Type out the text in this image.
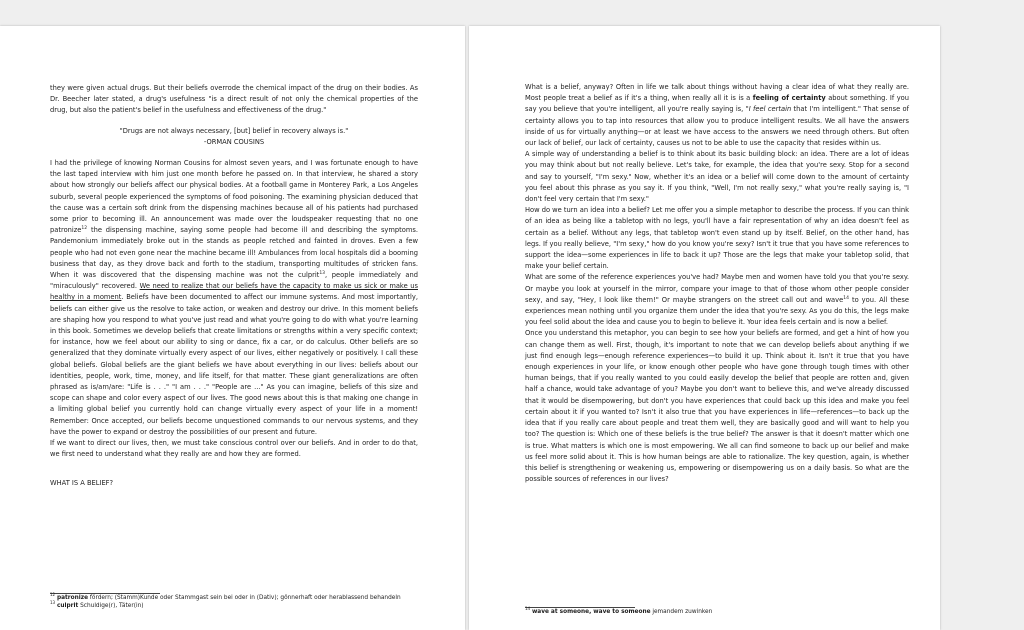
they were given actual drugs. But their beliefs overrode the chemical impact of the drug on their bodies. As Dr. Beecher later stated, a drug's usefulness "is a direct result of not only the chemical properties of the drug, but also the patient's belief in the usefulness and effectiveness of the drug."

"Drugs are not always necessary, [but] belief in recovery always is."
-ORMAN COUSINS

I had the privilege of knowing Norman Cousins for almost seven years, and I was fortunate enough to have the last taped interview with him just one month before he passed on. In that interview, he shared a story about how strongly our beliefs affect our physical bodies. At a football game in Monterey Park, a Los Angeles suburb, several people experienced the symptoms of food poisoning. The examining physician deduced that the cause was a certain soft drink from the dispensing machines because all of his patients had purchased some prior to becoming ill. An announcement was made over the loudspeaker requesting that no one patronize$^{12}$ the dispensing machine, saying some people had become ill and describing the symptoms. Pandemonium immediately broke out in the stands as people retched and fainted in droves. Even a few people who had not even gone near the machine became ill! Ambulances from local hospitals did a booming business that day, as they drove back and forth to the stadium, transporting multitudes of stricken fans. When it was discovered that the dispensing machine was not the culprit$^{13}$, people immediately and "miraculously" recovered. We need to realize that our beliefs have the capacity to make us sick or make us healthy in a moment. Beliefs have been documented to affect our immune systems. And most importantly, beliefs can either give us the resolve to take action, or weaken and destroy our drive. In this moment beliefs are shaping how you respond to what you've just read and what you're going to do with what you're learning in this book. Sometimes we develop beliefs that create limitations or strengths within a very specific context; for instance, how we feel about our ability to sing or dance, fix a car, or do calculus. Other beliefs are so generalized that they dominate virtually every aspect of our lives, either negatively or positively. I call these global beliefs. Global beliefs are the giant beliefs we have about everything in our lives: beliefs about our identities, people, work, time, money, and life itself, for that matter. These giant generalizations are often phrased as is/am/are: "Life is . . ." "I am . . ." "People are ..." As you can imagine, beliefs of this size and scope can shape and color every aspect of our lives. The good news about this is that making one change in a limiting global belief you currently hold can change virtually every aspect of your life in a moment! Remember: Once accepted, our beliefs become unquestioned commands to our nervous systems, and they have the power to expand or destroy the possibilities of our present and future.

If we want to direct our lives, then, we must take conscious control over our beliefs. And in order to do that, we first need to understand what they really are and how they are formed.

WHAT IS A BELIEF?
$^{12}$ patronize fördern; (Stamm)Kunde oder Stammgast sein bei oder in (Dativ); gönnerhaft oder herablassend behandeln
$^{13}$ culprit Schuldige(r), Täter(in)

What is a belief, anyway? Often in life we talk about things without having a clear idea of what they really are. Most people treat a belief as if it's a thing, when really all it is is a feeling of certainty about something. If you say you believe that you're intelligent, all you're really saying is, "I feel certain that I'm intelligent." That sense of certainty allows you to tap into resources that allow you to produce intelligent results. We all have the answers inside of us for virtually anything—or at least we have access to the answers we need through others. But often our lack of belief, our lack of certainty, causes us not to be able to use the capacity that resides within us.

A simple way of understanding a belief is to think about its basic building block: an idea. There are a lot of ideas you may think about but not really believe. Let's take, for example, the idea that you're sexy. Stop for a second and say to yourself, "I'm sexy." Now, whether it's an idea or a belief will come down to the amount of certainty you feel about this phrase as you say it. If you think, "Well, I'm not really sexy," what you're really saying is, "I don't feel very certain that I'm sexy."

How do we turn an idea into a belief? Let me offer you a simple metaphor to describe the process. If you can think of an idea as being like a tabletop with no legs, you'll have a fair representation of why an idea doesn't feel as certain as a belief. Without any legs, that tabletop won't even stand up by itself. Belief, on the other hand, has legs. If you really believe, "I'm sexy," how do you know you're sexy? Isn't it true that you have some references to support the idea—some experiences in life to back it up? Those are the legs that make your tabletop solid, that make your belief certain.

What are some of the reference experiences you've had? Maybe men and women have told you that you're sexy. Or maybe you look at yourself in the mirror, compare your image to that of those whom other people consider sexy, and say, "Hey, I look like them!" Or maybe strangers on the street call out and wave$^{14}$ to you. All these experiences mean nothing until you organize them under the idea that you're sexy. As you do this, the legs make you feel solid about the idea and cause you to begin to believe it. Your idea feels certain and is now a belief.

Once you understand this metaphor, you can begin to see how your beliefs are formed, and get a hint of how you can change them as well. First, though, it's important to note that we can develop beliefs about anything if we just find enough legs—enough reference experiences—to build it up. Think about it. Isn't it true that you have enough experiences in your life, or know enough other people who have gone through tough times with other human beings, that if you really wanted to you could easily develop the belief that people are rotten and, given half a chance, would take advantage of you? Maybe you don't want to believe this, and we've already discussed that it would be disempowering, but don't you have experiences that could back up this idea and make you feel certain about it if you wanted to? Isn't it also true that you have experiences in life—references—to back up the idea that if you really care about people and treat them well, they are basically good and will want to help you too? The question is: Which one of these beliefs is the true belief? The answer is that it doesn't matter which one is true. What matters is which one is most empowering. We all can find someone to back up our belief and make us feel more solid about it. This is how human beings are able to rationalize. The key question, again, is whether this belief is strengthening or weakening us, empowering or disempowering us on a daily basis. So what are the possible sources of references in our lives?

$^{14}$ wave at someone, wave to someone jemandem zuwinken
